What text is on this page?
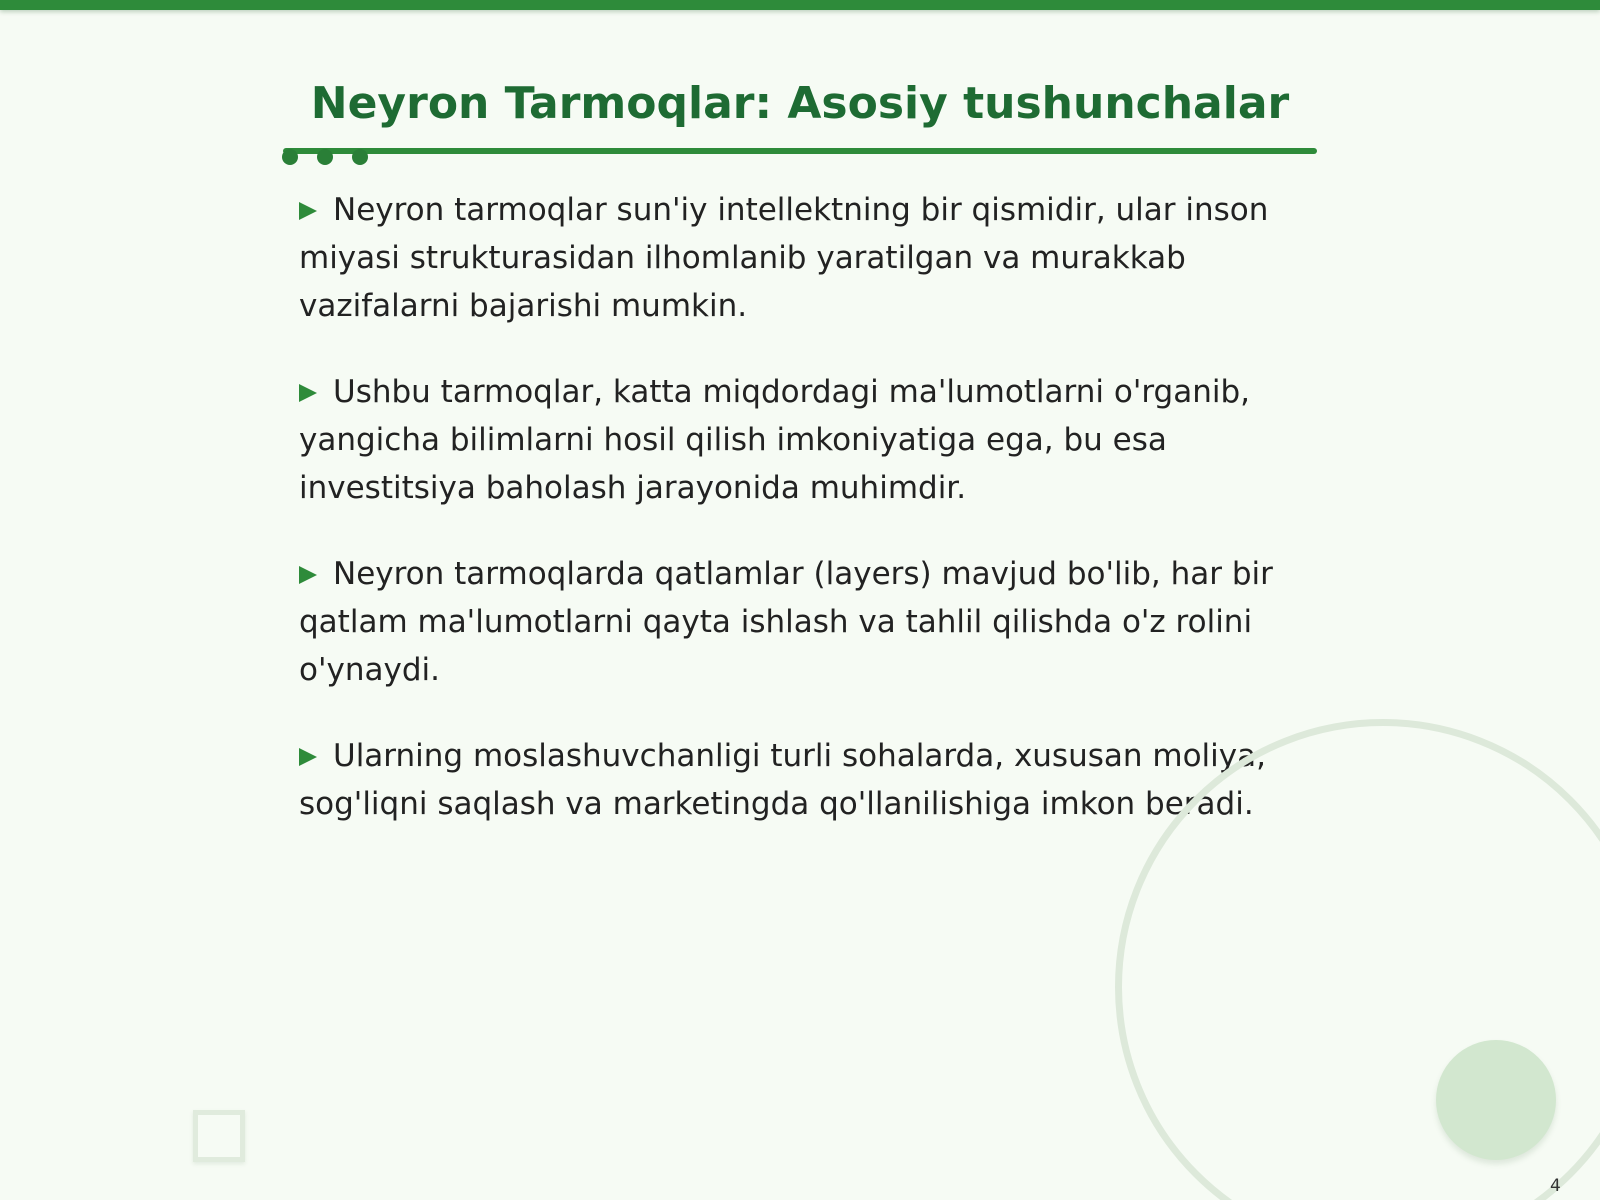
Neyron Tarmoqlar: Asosiy tushunchalar
Neyron tarmoqlar sun'iy intellektning bir qismidir, ular inson miyasi strukturasidan ilhomlanib yaratilgan va murakkab vazifalarni bajarishi mumkin.
Ushbu tarmoqlar, katta miqdordagi ma'lumotlarni o'rganib, yangicha bilimlarni hosil qilish imkoniyatiga ega, bu esa investitsiya baholash jarayonida muhimdir.
Neyron tarmoqlarda qatlamlar (layers) mavjud bo'lib, har bir qatlam ma'lumotlarni qayta ishlash va tahlil qilishda o'z rolini o'ynaydi.
Ularning moslashuvchanligi turli sohalarda, xususan moliya, sog'liqni saqlash va marketingda qo'llanilishiga imkon beradi.
4
